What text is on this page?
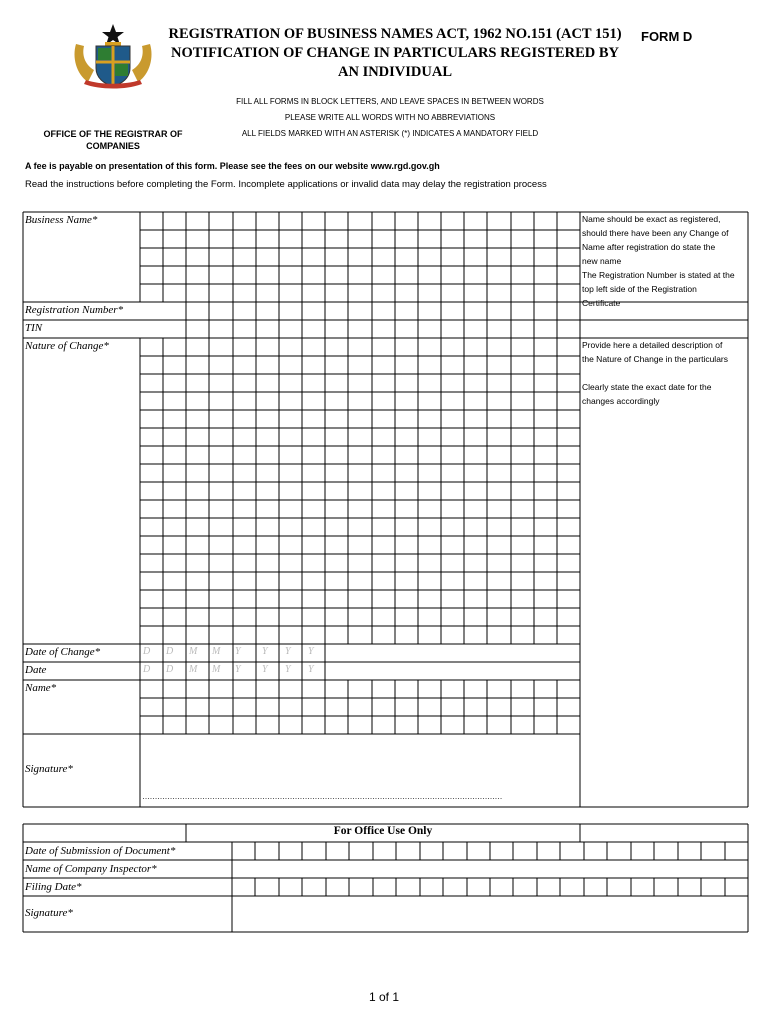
REGISTRATION OF BUSINESS NAMES ACT, 1962 NO.151 (ACT 151)
NOTIFICATION OF CHANGE IN PARTICULARS REGISTERED BY
AN INDIVIDUAL
FORM D
FILL ALL FORMS IN BLOCK LETTERS, AND LEAVE SPACES IN BETWEEN WORDS
PLEASE WRITE ALL WORDS WITH NO ABBREVIATIONS
ALL FIELDS MARKED WITH AN ASTERISK (*) INDICATES A MANDATORY FIELD
OFFICE OF THE REGISTRAR OF
COMPANIES
A fee is payable on presentation of this form. Please see the fees on our website www.rgd.gov.gh
Read the instructions before completing the Form. Incomplete applications or invalid data may delay the registration process
Business Name*
Registration Number*
TIN
Nature of Change*
Date of Change*
Date
Name*
Signature*
D D M M Y Y Y Y
D D M M Y Y Y Y
………………………………………………………………………………………………………………………………
Name should be exact as registered,
should there have been any Change of
Name after registration do state the
new name
The Registration Number is stated at the
top left side of the Registration
Certificate
Provide here a detailed description of
the Nature of Change in the particulars
Clearly state the exact date for the
changes accordingly
For Office Use Only
Date of Submission of Document*
Name of Company Inspector*
Filing Date*
Signature*
1 of 1
